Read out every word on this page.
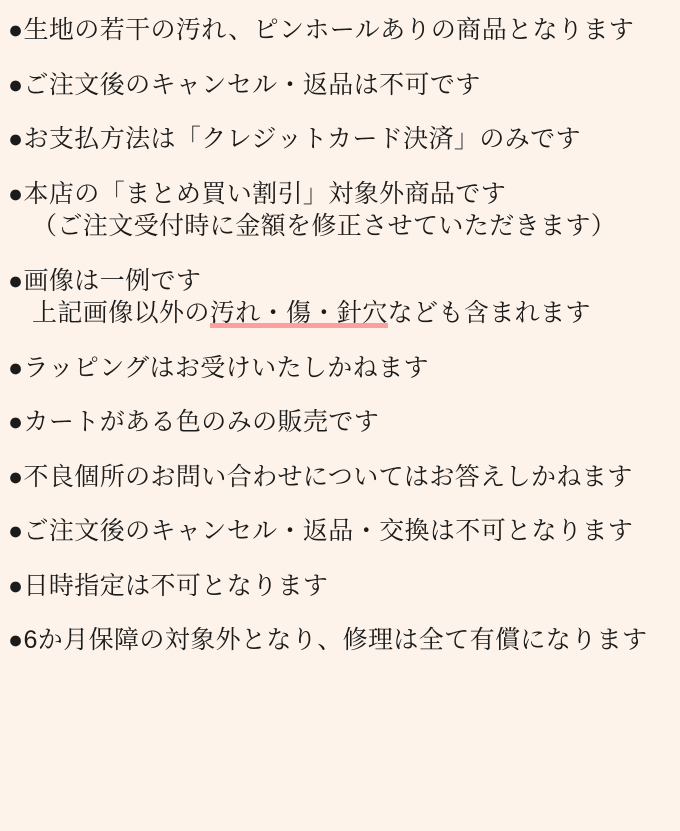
●生地の若干の汚れ、ピンホールありの商品となります
●ご注文後のキャンセル・返品は不可です
●お支払方法は「クレジットカード決済」のみです
●本店の「まとめ買い割引」対象外商品です
（ご注文受付時に金額を修正させていただきます）
●画像は一例です
上記画像以外の汚れ・傷・針穴なども含まれます
●ラッピングはお受けいたしかねます
●カートがある色のみの販売です
●不良個所のお問い合わせについてはお答えしかねます
●ご注文後のキャンセル・返品・交換は不可となります
●日時指定は不可となります
●6か月保障の対象外となり、修理は全て有償になります
